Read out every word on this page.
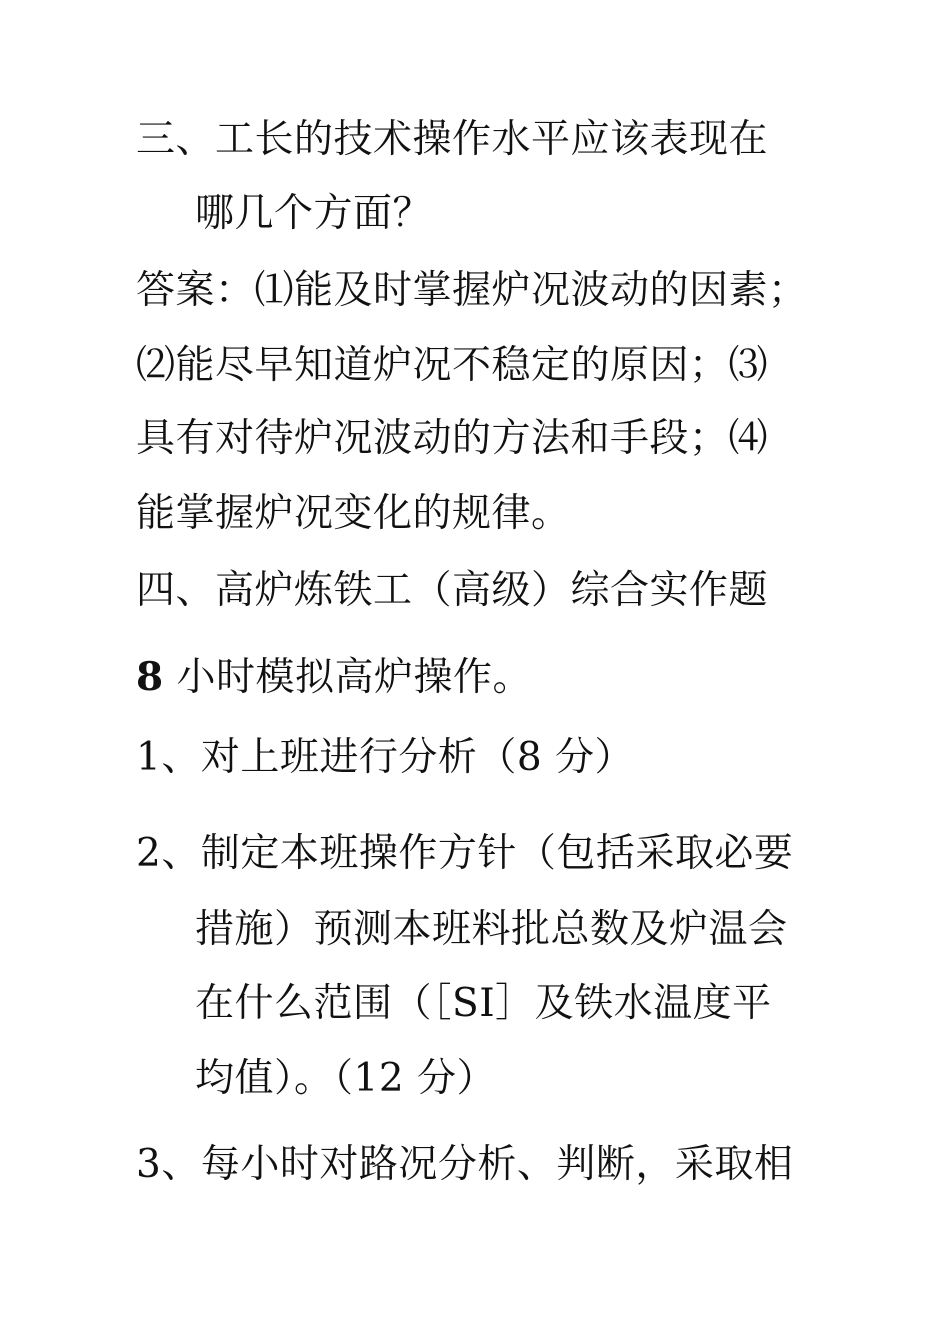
三、工长的技术操作水平应该表现在

哪几个方面？

答案：⑴能及时掌握炉况波动的因素；

⑵能尽早知道炉况不稳定的原因；⑶

具有对待炉况波动的方法和手段；⑷

能掌握炉况变化的规律。

四、高炉炼铁工（高级）综合实作题

8 小时模拟高炉操作。

1、对上班进行分析（8 分）

2、制定本班操作方针（包括采取必要

措施）预测本班料批总数及炉温会

在什么范围（［SI］及铁水温度平

均值）。（12 分）

3、每小时对路况分析、判断，采取相
